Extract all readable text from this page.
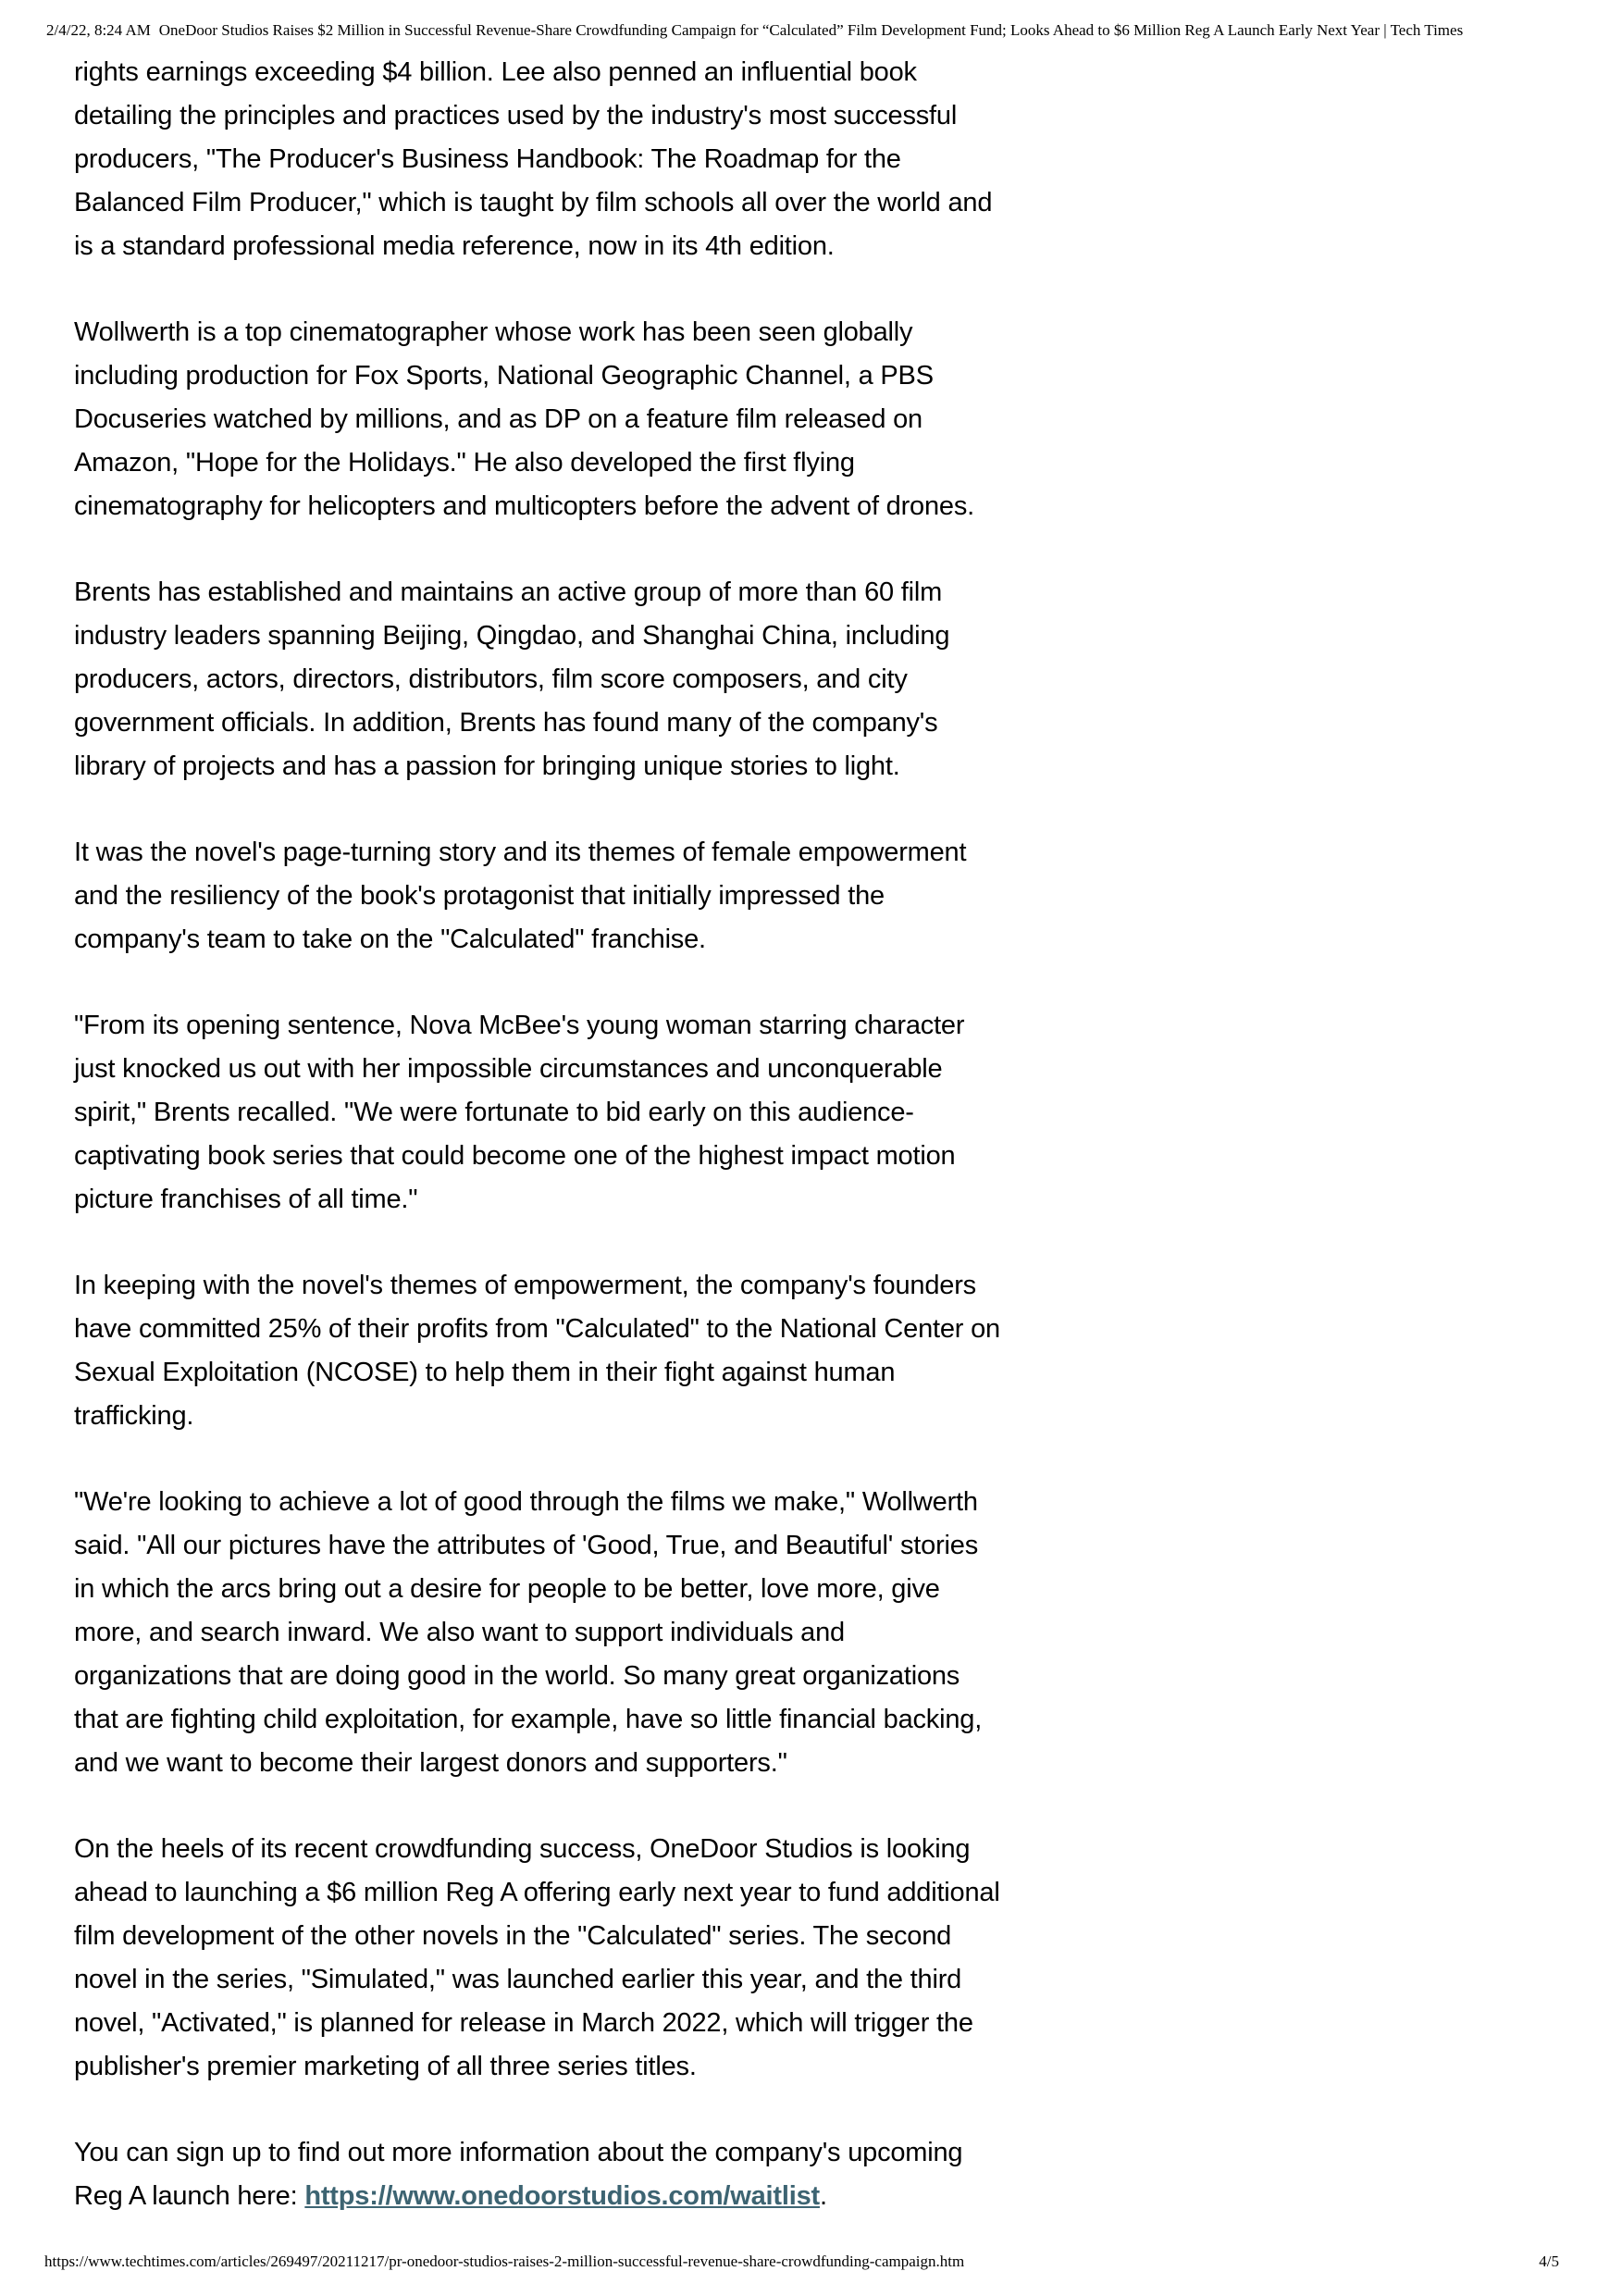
2/4/22, 8:24 AM OneDoor Studios Raises $2 Million in Successful Revenue-Share Crowdfunding Campaign for “Calculated” Film Development Fund; Looks Ahead to $6 Million Reg A Launch Early Next Year | Tech Times
rights earnings exceeding $4 billion. Lee also penned an influential book
detailing the principles and practices used by the industry's most successful
producers, "The Producer's Business Handbook: The Roadmap for the
Balanced Film Producer," which is taught by film schools all over the world and
is a standard professional media reference, now in its 4th edition.
Wollwerth is a top cinematographer whose work has been seen globally
including production for Fox Sports, National Geographic Channel, a PBS
Docuseries watched by millions, and as DP on a feature film released on
Amazon, "Hope for the Holidays." He also developed the first flying
cinematography for helicopters and multicopters before the advent of drones.
Brents has established and maintains an active group of more than 60 film
industry leaders spanning Beijing, Qingdao, and Shanghai China, including
producers, actors, directors, distributors, film score composers, and city
government officials. In addition, Brents has found many of the company's
library of projects and has a passion for bringing unique stories to light.
It was the novel's page-turning story and its themes of female empowerment
and the resiliency of the book's protagonist that initially impressed the
company's team to take on the "Calculated" franchise.
"From its opening sentence, Nova McBee's young woman starring character
just knocked us out with her impossible circumstances and unconquerable
spirit," Brents recalled. "We were fortunate to bid early on this audience-
captivating book series that could become one of the highest impact motion
picture franchises of all time."
In keeping with the novel's themes of empowerment, the company's founders
have committed 25% of their profits from "Calculated" to the National Center on
Sexual Exploitation (NCOSE) to help them in their fight against human
trafficking.
"We're looking to achieve a lot of good through the films we make," Wollwerth
said. "All our pictures have the attributes of 'Good, True, and Beautiful' stories
in which the arcs bring out a desire for people to be better, love more, give
more, and search inward. We also want to support individuals and
organizations that are doing good in the world. So many great organizations
that are fighting child exploitation, for example, have so little financial backing,
and we want to become their largest donors and supporters."
On the heels of its recent crowdfunding success, OneDoor Studios is looking
ahead to launching a $6 million Reg A offering early next year to fund additional
film development of the other novels in the "Calculated" series. The second
novel in the series, "Simulated," was launched earlier this year, and the third
novel, "Activated," is planned for release in March 2022, which will trigger the
publisher's premier marketing of all three series titles.
You can sign up to find out more information about the company's upcoming
Reg A launch here: https://www.onedoorstudios.com/waitlist.
https://www.techtimes.com/articles/269497/20211217/pr-onedoor-studios-raises-2-million-successful-revenue-share-crowdfunding-campaign.htm	4/5
